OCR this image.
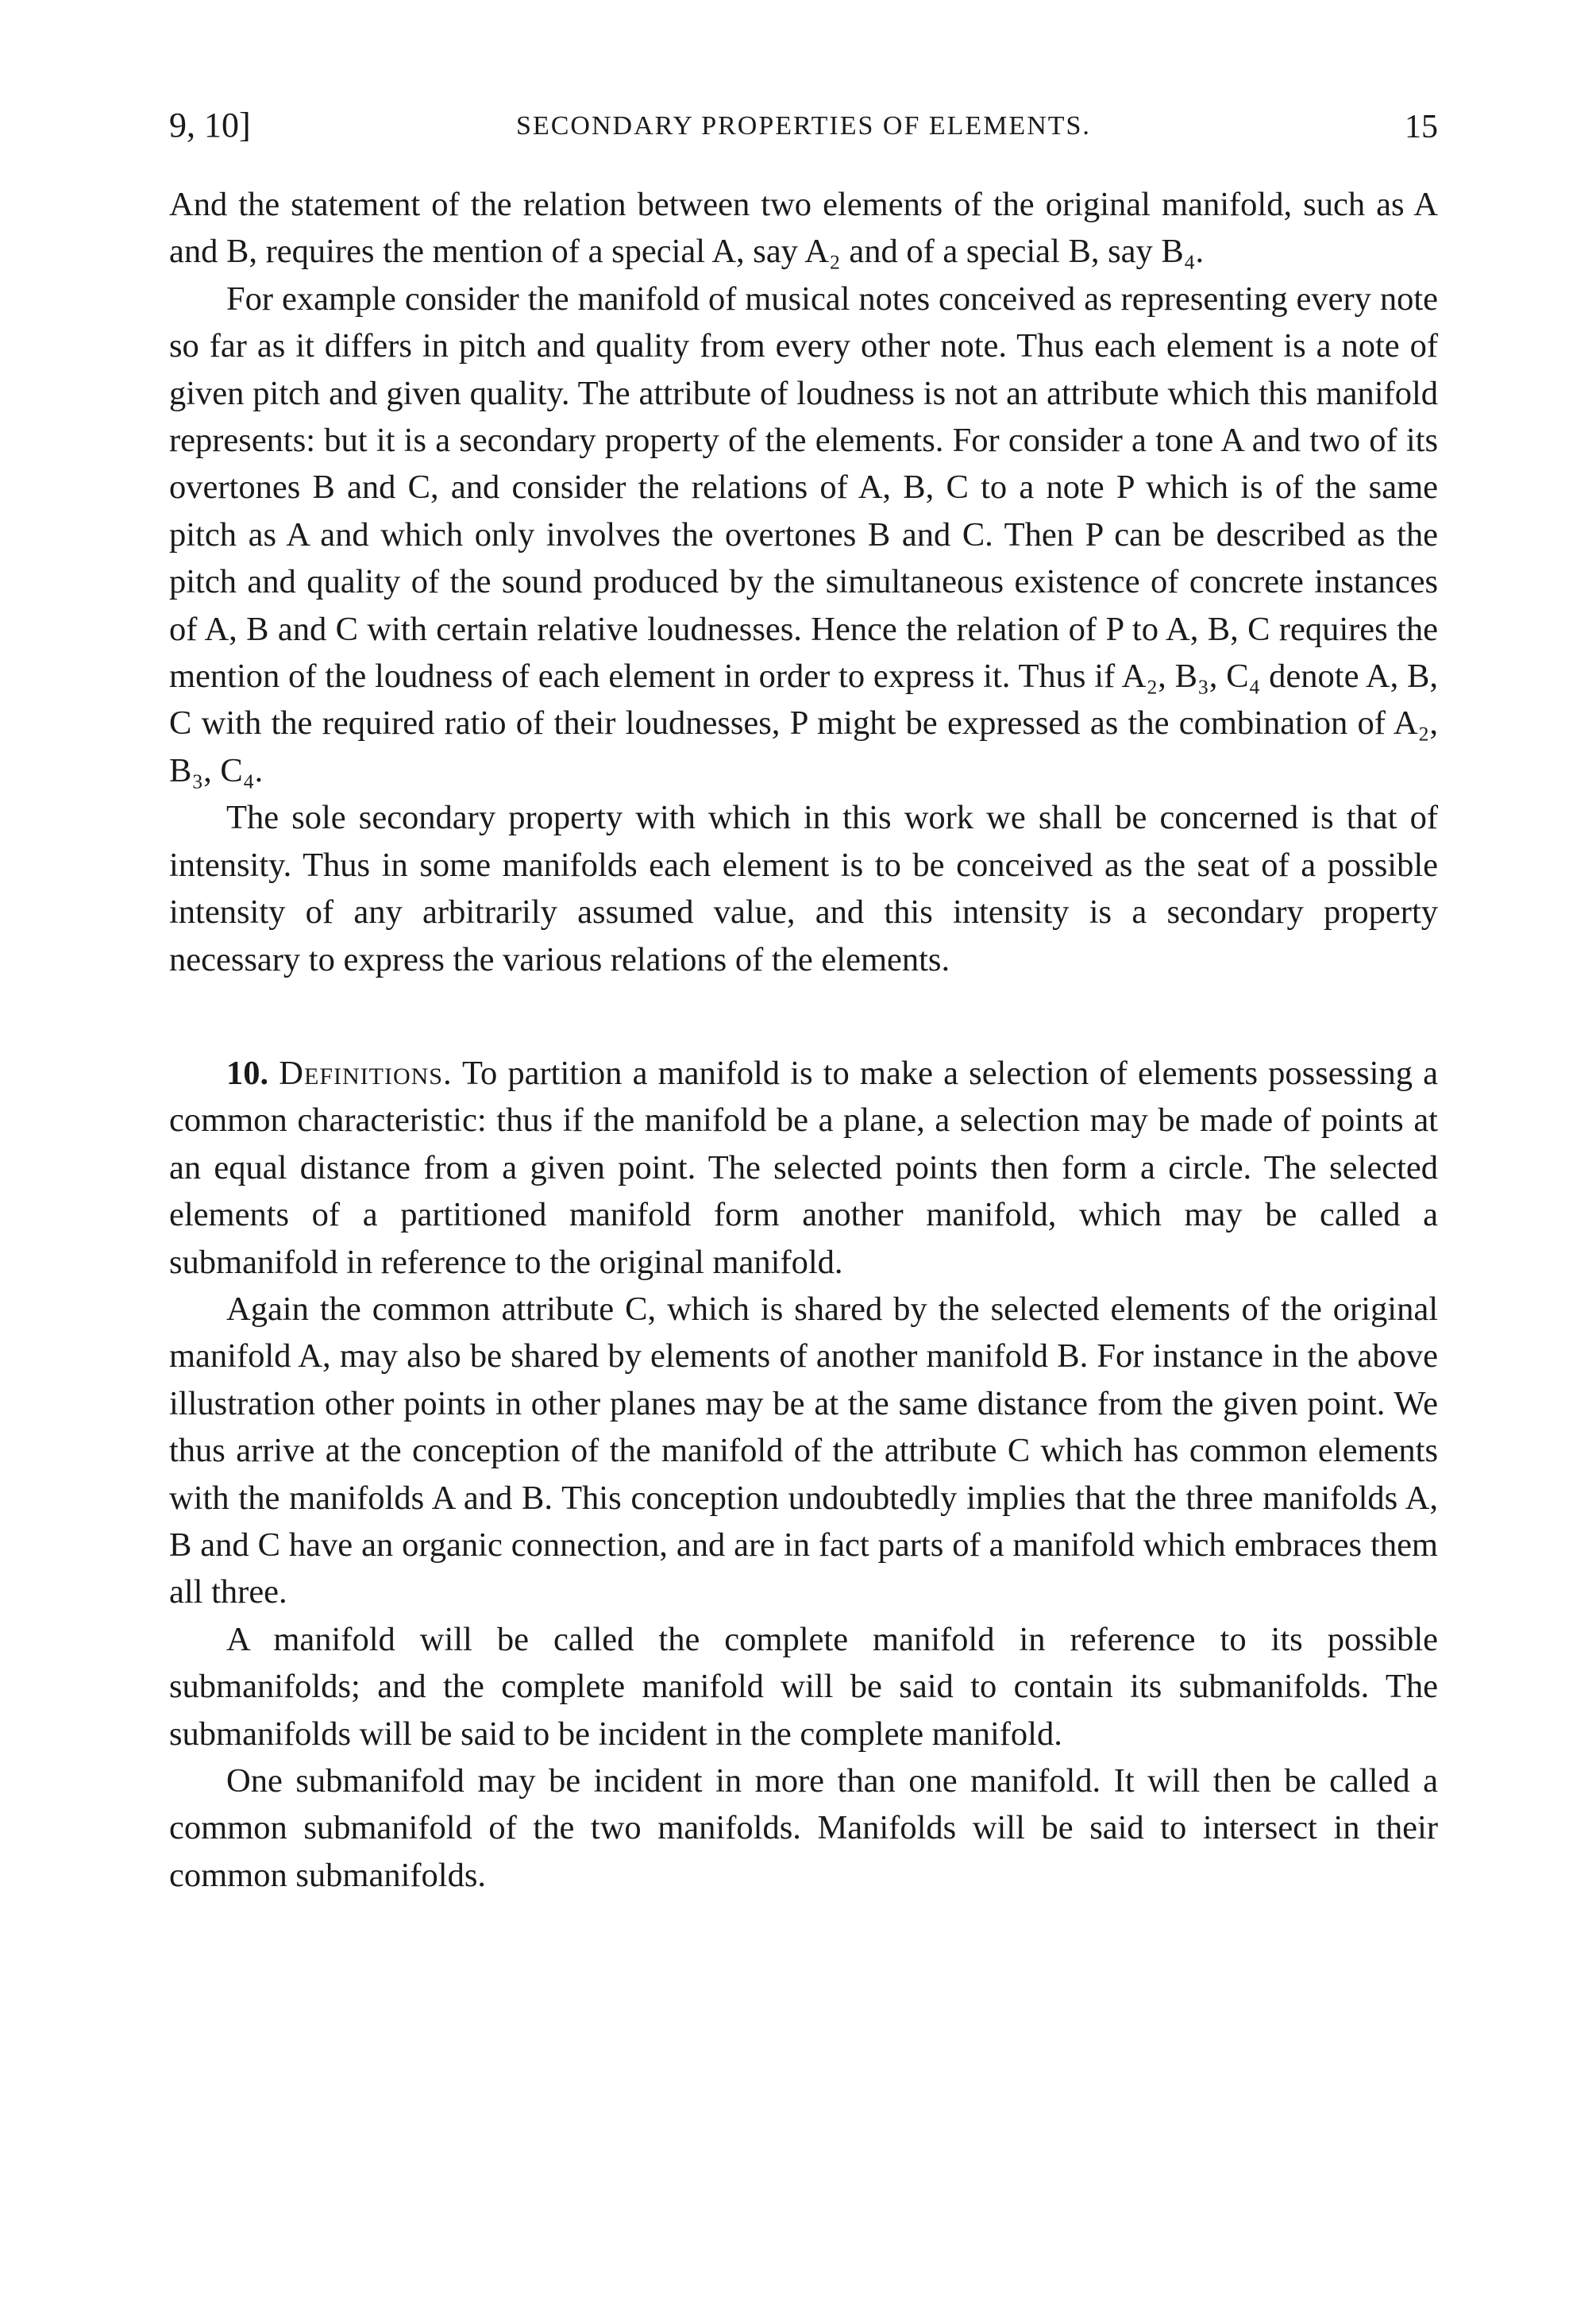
9, 10]	SECONDARY PROPERTIES OF ELEMENTS.	15

And the statement of the relation between two elements of the original manifold, such as A and B, requires the mention of a special A, say A₂ and of a special B, say B₄.

For example consider the manifold of musical notes conceived as representing every note so far as it differs in pitch and quality from every other note. Thus each element is a note of given pitch and given quality. The attribute of loudness is not an attribute which this manifold represents: but it is a secondary property of the elements. For consider a tone A and two of its overtones B and C, and consider the relations of A, B, C to a note P which is of the same pitch as A and which only involves the overtones B and C. Then P can be described as the pitch and quality of the sound produced by the simultaneous existence of concrete instances of A, B and C with certain relative loudnesses. Hence the relation of P to A, B, C requires the mention of the loudness of each element in order to express it. Thus if A₂, B₃, C₄ denote A, B, C with the required ratio of their loudnesses, P might be expressed as the combination of A₂, B₃, C₄.

The sole secondary property with which in this work we shall be concerned is that of intensity. Thus in some manifolds each element is to be conceived as the seat of a possible intensity of any arbitrarily assumed value, and this intensity is a secondary property necessary to express the various relations of the elements.

10. Definitions. To partition a manifold is to make a selection of elements possessing a common characteristic: thus if the manifold be a plane, a selection may be made of points at an equal distance from a given point. The selected points then form a circle. The selected elements of a partitioned manifold form another manifold, which may be called a submanifold in reference to the original manifold.

Again the common attribute C, which is shared by the selected elements of the original manifold A, may also be shared by elements of another manifold B. For instance in the above illustration other points in other planes may be at the same distance from the given point. We thus arrive at the conception of the manifold of the attribute C which has common elements with the manifolds A and B. This conception undoubtedly implies that the three manifolds A, B and C have an organic connection, and are in fact parts of a manifold which embraces them all three.

A manifold will be called the complete manifold in reference to its possible submanifolds; and the complete manifold will be said to contain its submanifolds. The submanifolds will be said to be incident in the complete manifold.

One submanifold may be incident in more than one manifold. It will then be called a common submanifold of the two manifolds. Manifolds will be said to intersect in their common submanifolds.
